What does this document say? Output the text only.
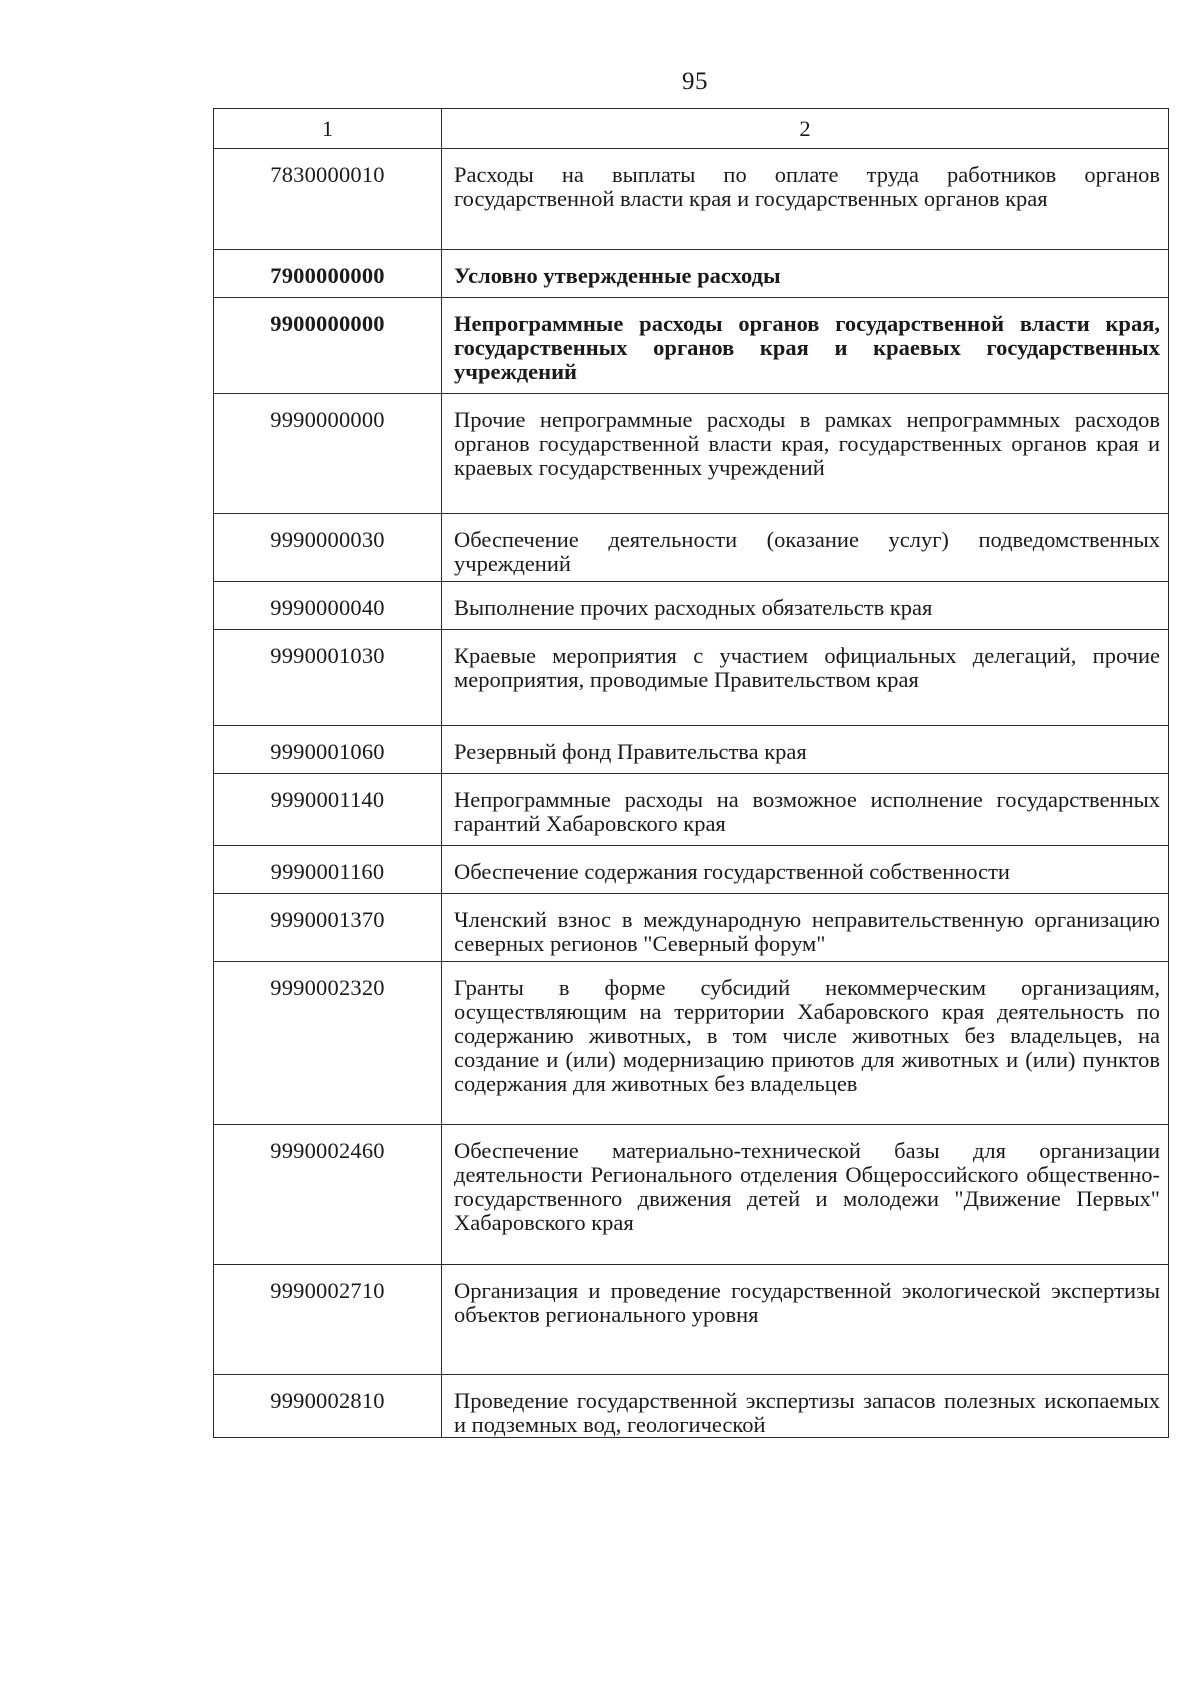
95
1	2
7830000010	Расходы на выплаты по оплате труда работников органов государственной власти края и государственных органов края
7900000000	Условно утвержденные расходы
9900000000	Непрограммные расходы органов государственной власти края, государственных органов края и краевых государственных учреждений
9990000000	Прочие непрограммные расходы в рамках непрограммных расходов органов государственной власти края, государственных органов края и краевых государственных учреждений
9990000030	Обеспечение деятельности (оказание услуг) подведомственных учреждений
9990000040	Выполнение прочих расходных обязательств края
9990001030	Краевые мероприятия с участием официальных делегаций, прочие мероприятия, проводимые Правительством края
9990001060	Резервный фонд Правительства края
9990001140	Непрограммные расходы на возможное исполнение государственных гарантий Хабаровского края
9990001160	Обеспечение содержания государственной собственности
9990001370	Членский взнос в международную неправительственную организацию северных регионов "Северный форум"
9990002320	Гранты в форме субсидий некоммерческим организациям, осуществляющим на территории Хабаровского края деятельность по содержанию животных, в том числе животных без владельцев, на создание и (или) модернизацию приютов для животных и (или) пунктов содержания для животных без владельцев
9990002460	Обеспечение материально-технической базы для организации деятельности Регионального отделения Общероссийского общественно-государственного движения детей и молодежи "Движение Первых" Хабаровского края
9990002710	Организация и проведение государственной экологической экспертизы объектов регионального уровня
9990002810	Проведение государственной экспертизы запасов полезных ископаемых и подземных вод, геологической
